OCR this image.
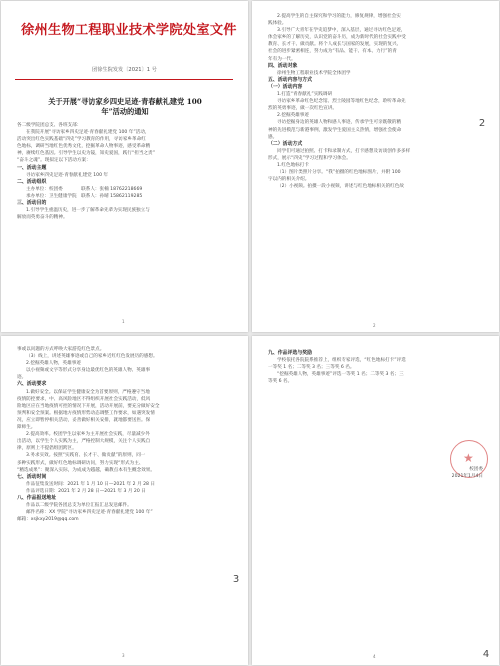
徐州生物工程职业技术学院处室文件
团徐生院发发〔2021〕1 号
关于开展“寻访家乡四史足迹·青春献礼建党 100
年”活动的通知
各二级学院团总支、各班支部：
在我院开展“寻访家乡四史足迹·青春献礼建党 100 年”活动，
活动突出红色实践基础“四史”学习教育的作用，寻访家乡革命红
色地标，调研当地红色优秀文化，挖掘革命人物事迹，感受革命精
神，赓续红色基因。引导学生以史为镜，知史爱国，践行“担当之责”
“奋斗之魂”。现拟定以下活动方案：
一、活动主题
寻访家乡四史足迹·青春献礼建党 100 年
二、活动组织
主办单位：校团委　　　　联系人：张楠 18762218669
承办单位：卫生健康学院　联系人：孙晴 15862119285
三、活动目的
1.引导学生重温历史，进一步了解革命先辈为实现民族独立与
解放而英勇奋斗的精神。
1
2.提高学生的自主探究和学习的能力，修复规律，增强社会实
践体验。
3.引导广大青年在学史追梦中，深入基层，通过寻访红色足迹，
体会家乡的了解历史，认识党的奋斗历，成为新时代的社会实践中受
教育、长才干、做贡献。将个人成长与国家的发展，实现的复兴、
社会的进步紧密相连，努力成为“有品、能干、有本、力行”的青
年有为一代。
四、活动对象
徐州生物工程职业技术学院全体团学
五、活动内容与方式
（一）活动内容
1.打造“青春献礼”实践调研
寻访家乡革命红色纪念馆、烈士陵园等地红色纪念，聆听革命先
烈的英勇事迹，做一次红色宣讲。
2.挖掘英雄事迹
寻访挖掘身边的英雄人物和感人事迹，传承学生可亲既敬的精
神的先进模范与新港事例，激发学生爱国主义热情，增强社会使命
感。
（二）活动方式
同学们可通过拍照、打卡和录制方式，打卡感想及访谈创作多多样
形式，展示“四史”学习过程和学习体会。
1.红色地标打卡
（1）图片类照片分享。“我”拍摄的红色地标图片，并附 100
字以内的相关介绍。
（2）小视频。拍摄一段小视频，讲述与红色地标相关的红色故
2
事或以问题的方式呼唤大家游览红色景点。
（3）线上，讲述英雄事迹或自己的家乡近红红色发展历的感想。
2.挖掘英雄人物，英雄事迹
以小视频或文字等形式分享身边最优红色的英雄人物、英雄事
迹。
六、活动要求
1.做好安全。以保证学生健康安全为首要原则，严格遵守当地
疫情防控要求，中、高风险地区不得组织开展社会实践活动，低风
险地区应在当地疫情可控的情况下开展，活动开展前，要充分做好安全
预判和安全预案。根据地方疫情形势动态调整工作要求，如遇突发情
况，应立即暂停相关活动，妥善做好相关安排，就地都要送医。保
障师生。
2.提高效率。校团学生以家乡为主开展社会实践，尽量减少外
出活动，以学生个人实践为主，严格控制大规模，关注个人实践自
律，原则上不提倡组团跨区。
3.务求实效。按照“实践育、长才干、做贡献”的原则，同一
多种实践形式，做好红色地标调研访问，努力实现“形式为主、
“精选成果”：聚深入实际，为成成为越越，确教点本有生概念效果。
七、活动时间
作品征集发送时间：2021 年 1 月 10 日—2021 年 2 月 28 日
作品评选日期：2021 年 2 月 28 日—2021 年 3 月 20 日
八、作品报送地址
作品以二级学院各团总支为单位汇报汇总发送邮件。
邮件名称：XX 学院“寻访家乡四史足迹·青春献礼建党 100 年”
邮箱：xsjkxy2019@qq.com
3
九、作品评选与奖励
学校依托各院院系推荐上，组织专家评选，“红色地标打卡”评选
一等奖 1 名；二等奖 3 名；三等奖 6 名。
“挖掘英雄人物，英雄事迹”评选一等奖 1 名；二等奖 3 名；三
等奖 6 名。
★
校团委
2021年1月4日
4
2
3
4
